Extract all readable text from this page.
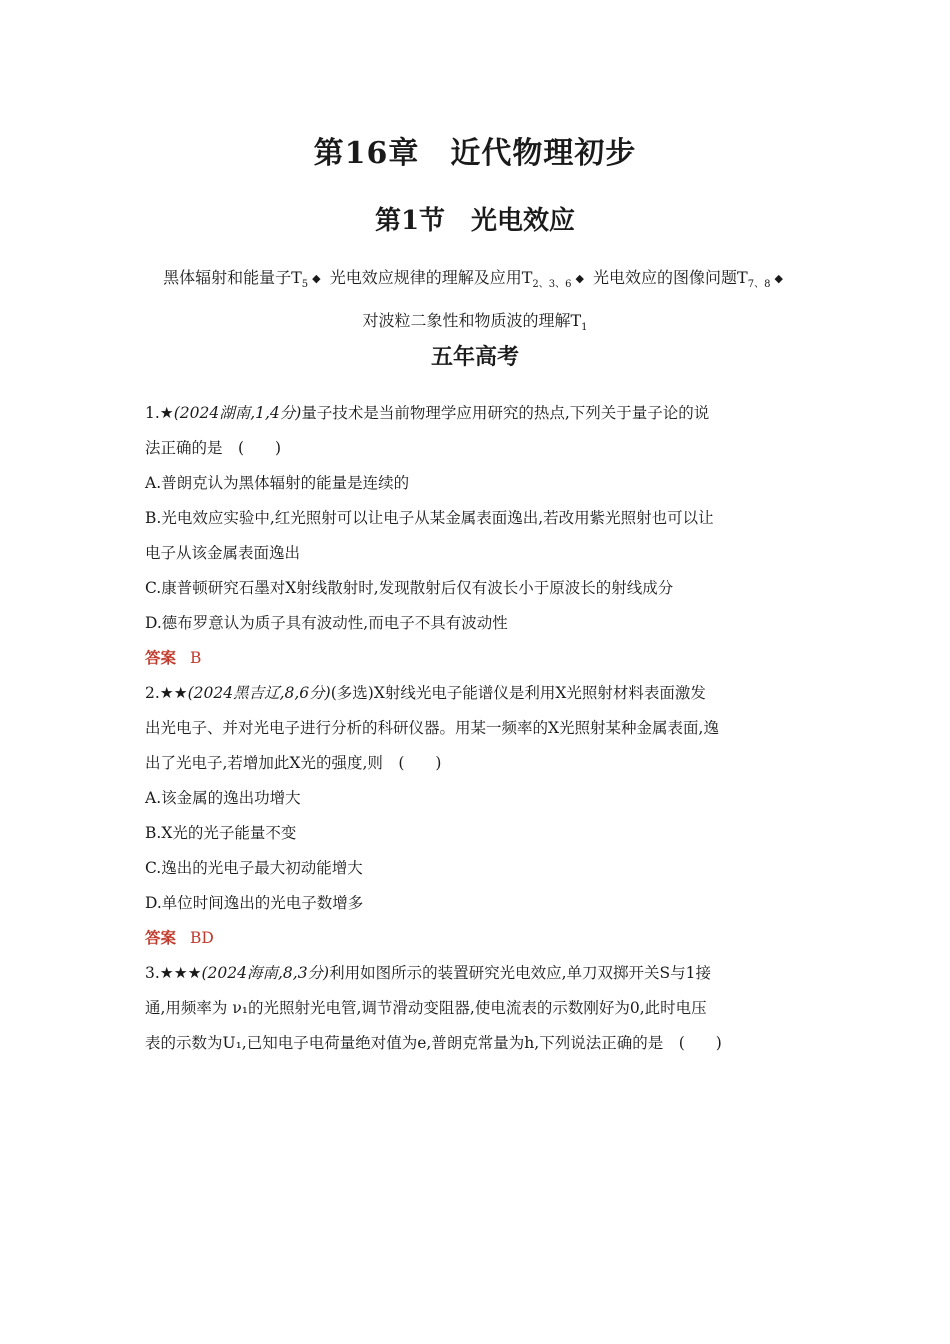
第16章　近代物理初步
第1节　光电效应
黑体辐射和能量子$T_5◆$ 光电效应规律的理解及应用$T_{2、3、6}◆$ 光电效应的图像问题$T_{7、8}◆$
对波粒二象性和物质波的理解$T_1$
五年高考
1.★(2024湖南,1,4分)量子技术是当前物理学应用研究的热点,下列关于量子论的说
法正确的是　(　　)
A.普朗克认为黑体辐射的能量是连续的
B.光电效应实验中,红光照射可以让电子从某金属表面逸出,若改用紫光照射也可以让
电子从该金属表面逸出
C.康普顿研究石墨对X射线散射时,发现散射后仅有波长小于原波长的射线成分
D.德布罗意认为质子具有波动性,而电子不具有波动性
答案 B
2.★★(2024黑吉辽,8,6分)(多选)X射线光电子能谱仪是利用X光照射材料表面激发
出光电子、并对光电子进行分析的科研仪器。用某一频率的X光照射某种金属表面,逸
出了光电子,若增加此X光的强度,则　(　　)
A.该金属的逸出功增大
B.X光的光子能量不变
C.逸出的光电子最大初动能增大
D.单位时间逸出的光电子数增多
答案 BD
3.★★★(2024海南,8,3分)利用如图所示的装置研究光电效应,单刀双掷开关S与1接
通,用频率为 ν₁的光照射光电管,调节滑动变阻器,使电流表的示数刚好为0,此时电压
表的示数为U₁,已知电子电荷量绝对值为e,普朗克常量为h,下列说法正确的是　(　　)
